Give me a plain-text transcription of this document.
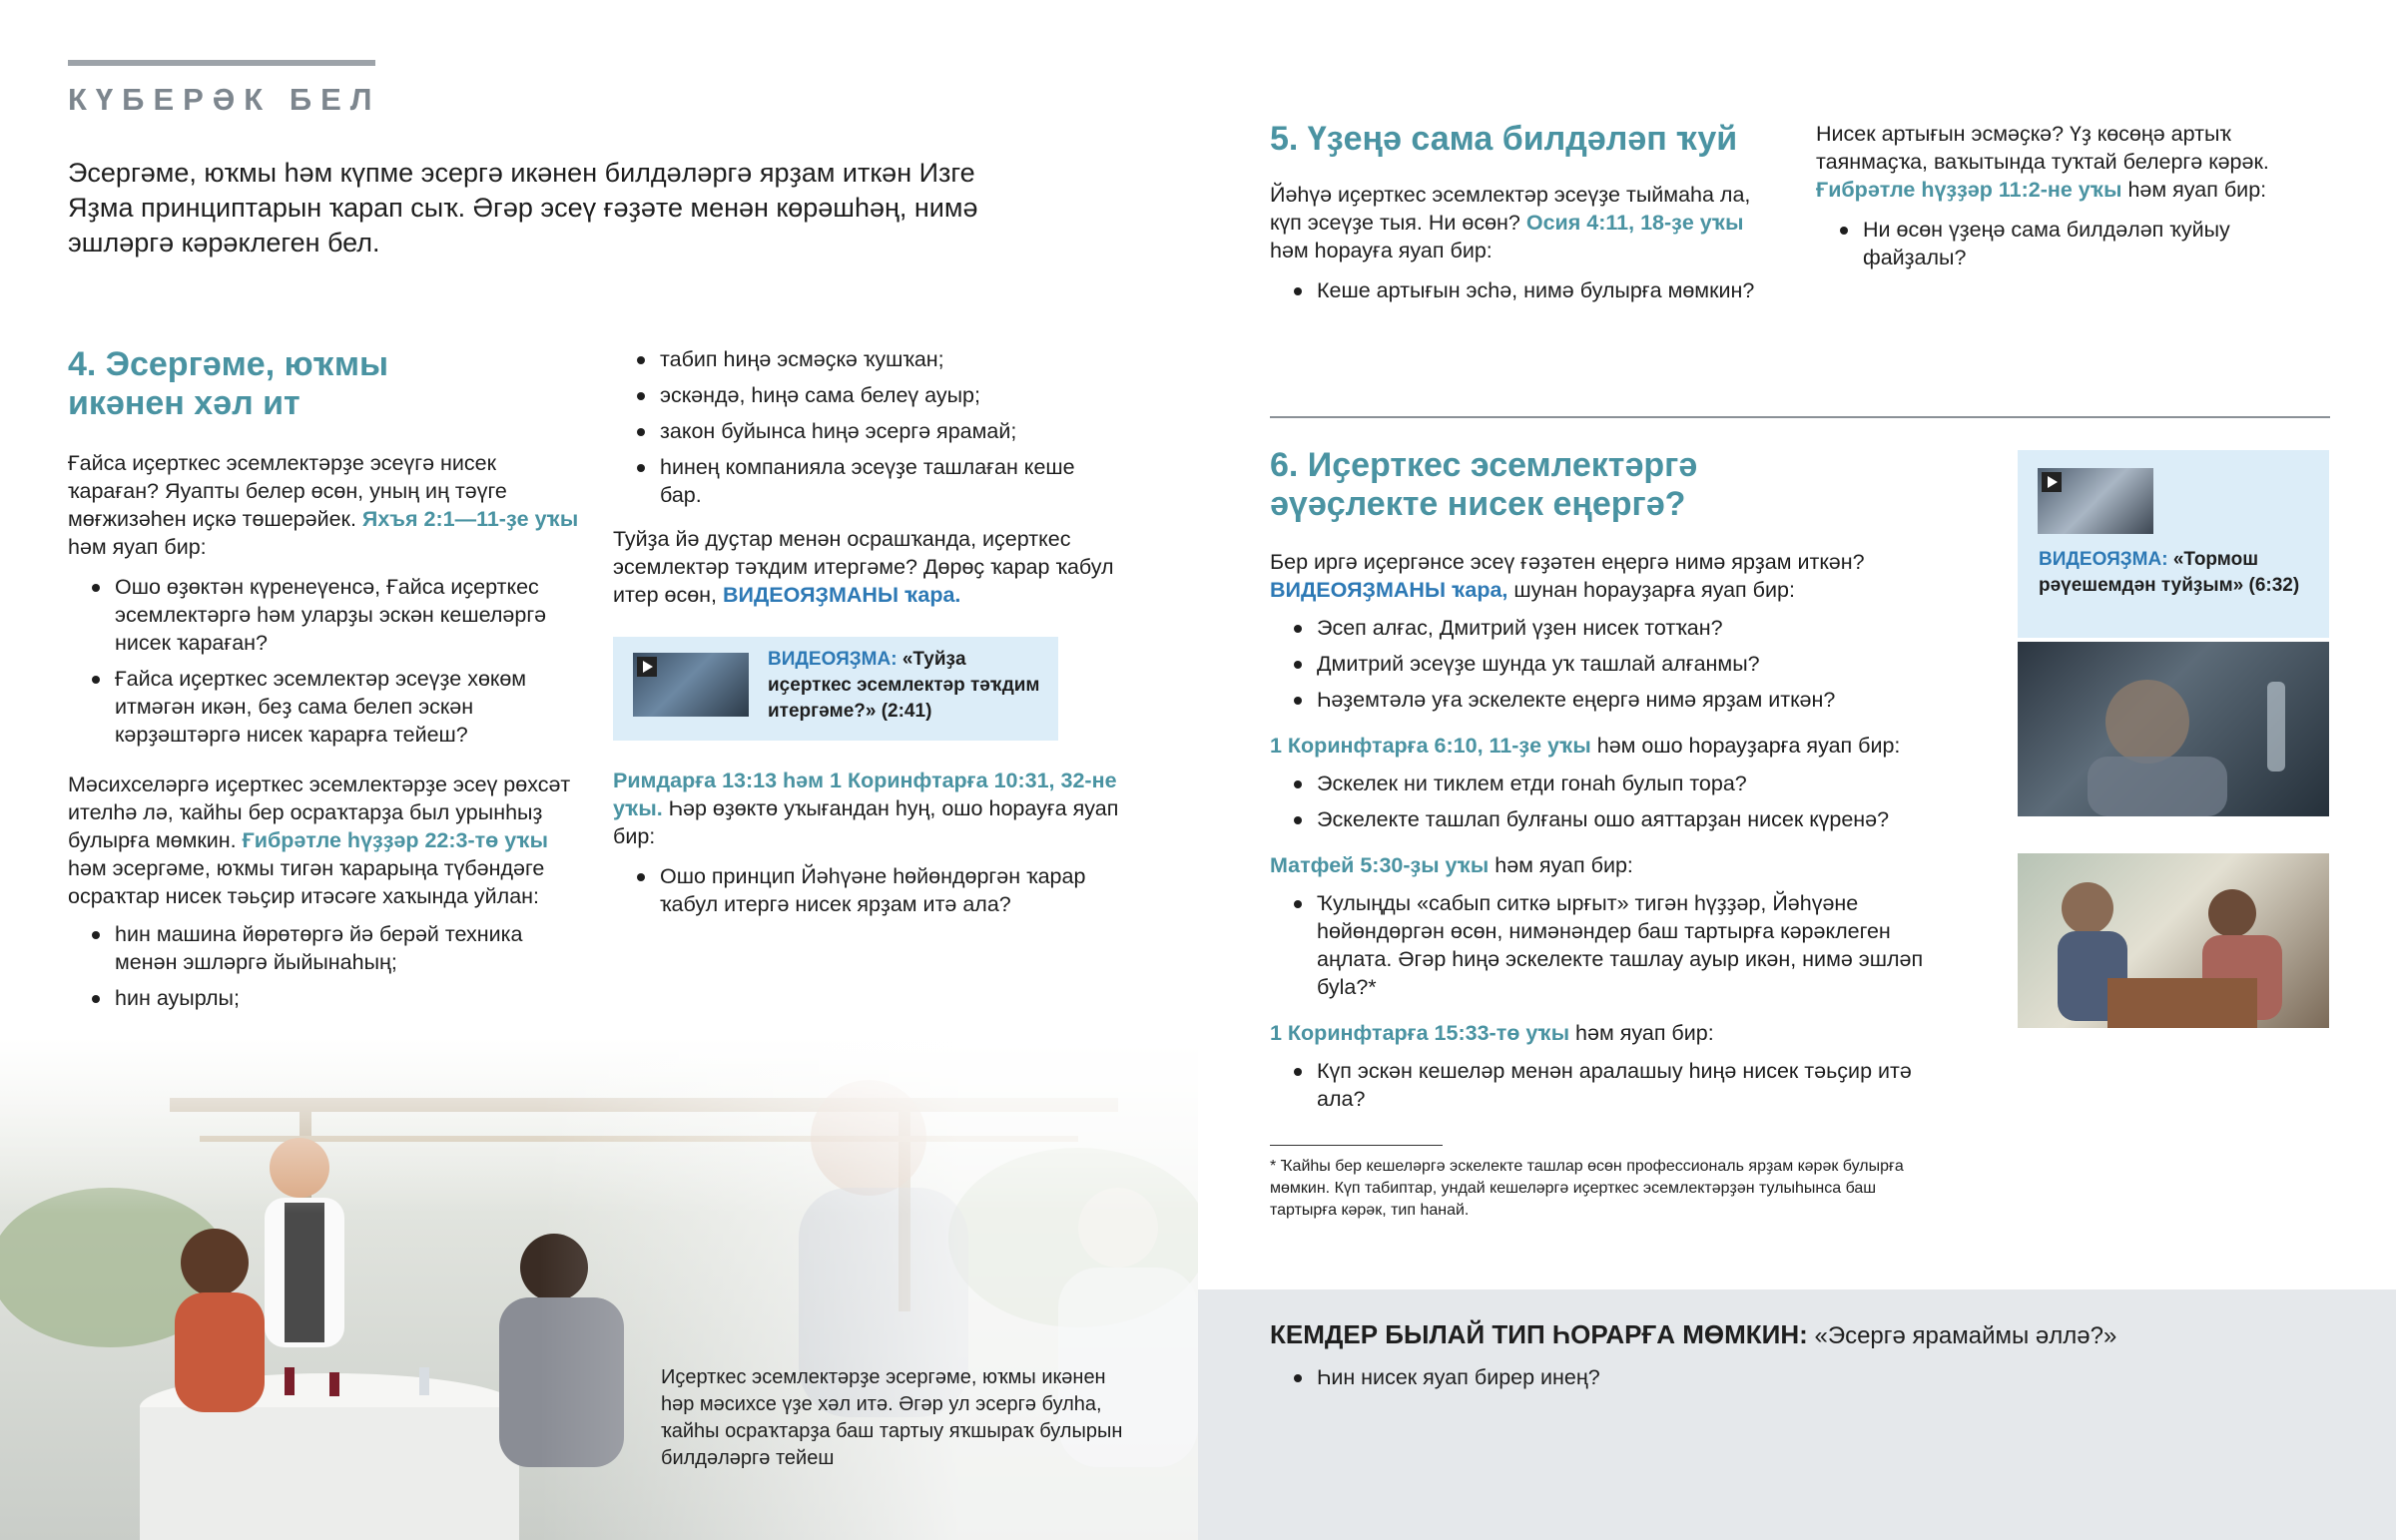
КҮБЕРӘК БЕЛ

Эсергәме, юҡмы һәм күпме эсергә икәнен билдәләргә ярҙам иткән Изге Яҙма принциптарын ҡарап сыҡ. Әгәр эсеү ғәҙәте менән көрәшһәң, нимә эшләргә кәрәклеген бел.

4. Эсергәме, юҡмы икәнен хәл ит

Ғайса иҫерткес эсемлектәрҙе эсеүгә нисек ҡараған? Яуапты белер өсөн, уның иң тәүге мөғжизәһен иҫкә төшерәйек. Яхъя 2:1—11-ҙе уҡы һәм яуап бир:

Ошо өҙөктән күренеүенсә, Ғайса иҫерткес эсемлектәргә һәм уларҙы эскән кешеләргә нисек ҡараған?
Ғайса иҫерткес эсемлектәр эсеүҙе хөкөм итмәгән икән, беҙ сама белеп эскән кәрҙәштәргә нисек ҡарарға тейеш?

Мәсихселәргә иҫерткес эсемлектәрҙе эсеү рөхсәт ителһә лә, ҡайһы бер осраҡтарҙа был урынһыҙ булырға мөмкин. Ғибрәтле һүҙҙәр 22:3-тө уҡы һәм эсергәме, юҡмы тигән ҡарарыңа түбәндәге осраҡтар нисек тәьҫир итәсәге хаҡында уйлан:

һин машина йөрөтөргә йә берәй техника менән эшләргә йыйынаһың;
һин ауырлы;
табип һиңә эсмәҫкә ҡушҡан;
эскәндә, һиңә сама белеү ауыр;
закон буйынса һиңә эсергә ярамай;
һинең компанияла эсеүҙе ташлаған кеше бар.

Туйҙа йә дуҫтар менән осрашҡанда, иҫерткес эсемлектәр тәҡдим итергәме? Дөрөҫ ҡарар ҡабул итер өсөн, ВИДЕОЯҘМАНЫ ҡара.

ВИДЕОЯҘМА: «Туйҙа иҫерткес эсемлектәр тәҡдим итергәме?» (2:41)

Римдарға 13:13 һәм 1 Коринфтарға 10:31, 32-не уҡы. Һәр өҙөктө уҡығандан һуң, ошо һорауға яуап бир:

Ошо принцип Йәһүәне һөйөндөргән ҡарар ҡабул итергә нисек ярҙам итә ала?

Иҫерткес эсемлектәрҙе эсергәме, юҡмы икәнен һәр мәсихсе үҙе хәл итә. Әгәр ул эсергә булһа, ҡайһы осраҡтарҙа баш тартыу яҡшыраҡ булырын билдәләргә тейеш

5. Үҙеңә сама билдәләп ҡуй

Йәһүә иҫерткес эсемлектәр эсеүҙе тыймаһа ла, күп эсеүҙе тыя. Ни өсөн? Осия 4:11, 18-ҙе уҡы һәм һорауға яуап бир:

Кеше артығын эсһә, нимә булырға мөмкин?

Нисек артығын эсмәҫкә? Үҙ көсөңә артыҡ таянмаҫҡа, ваҡытында туҡтай белергә кәрәк. Ғибрәтле һүҙҙәр 11:2-не уҡы һәм яуап бир:

Ни өсөн үҙеңә сама билдәләп ҡуйыу файҙалы?
6. Иҫерткес эсемлектәргә әүәҫлекте нисек еңергә?

Бер иргә иҫергәнсе эсеү ғәҙәтен еңергә нимә ярҙам иткән? ВИДЕОЯҘМАНЫ ҡара, шунан һорауҙарға яуап бир:

Эсеп алғас, Дмитрий үҙен нисек тотҡан?
Дмитрий эсеүҙе шунда уҡ ташлай алғанмы?
Һәҙемтәлә уға эскелекте еңергә нимә ярҙам иткән?

1 Коринфтарға 6:10, 11-ҙе уҡы һәм ошо һорауҙарға яуап бир:

Эскелек ни тиклем етди гонаһ булып тора?
Эскелекте ташлап булғаны ошо аяттарҙан нисек күренә?

Матфей 5:30-ҙы уҡы һәм яуап бир:

Ҡулыңды «сабып ситкә ырғыт» тигән һүҙҙәр, Йәһүәне һөйөндөргән өсөн, нимәнәндер баш тартырға кәрәклеген аңлата. Әгәр һиңә эскелекте ташлау ауыр икән, нимә эшләп буla?*

1 Коринфтарға 15:33-тө уҡы һәм яуап бир:

Күп эскән кешеләр менән аралашыу һиңә нисек тәьҫир итә ала?

ВИДЕОЯҘМА: «Тормош рәүешемдән туйҙым» (6:32)

* Ҡайһы бер кешеләргә эскелекте ташлар өсөн профессиональ ярҙам кәрәк булырға мөмкин. Күп табиптар, ундай кешеләргә иҫерткес эсемлектәрҙән тулыһынса баш тартырға кәрәк, тип һанай.

КЕМДЕР БЫЛАЙ ТИП ҺОРАРҒА МӨМКИН: «Эсергә ярамаймы әллә?»

Һин нисек яуап бирер инең?
